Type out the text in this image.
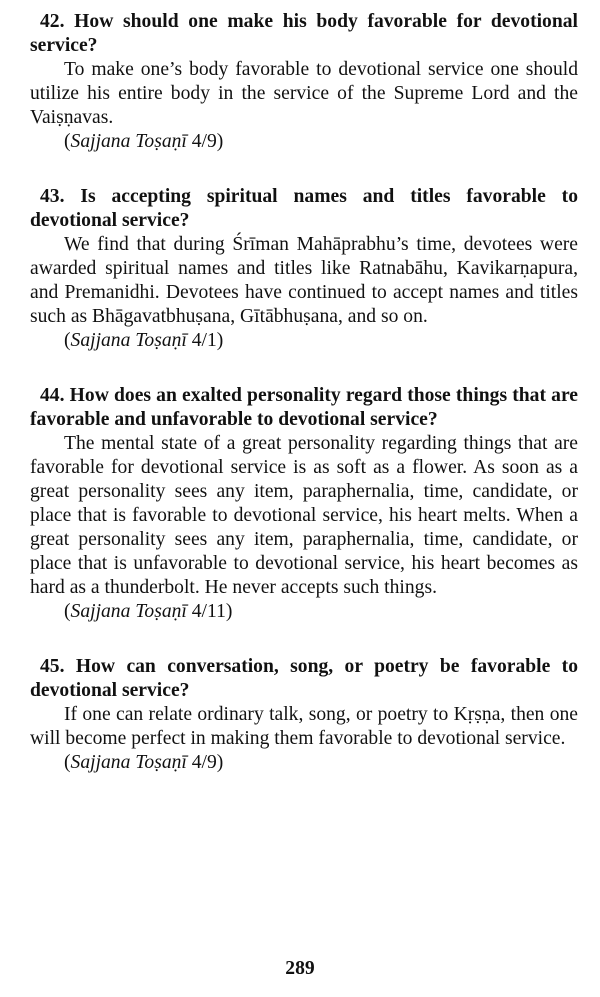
42. How should one make his body favorable for devotional service?

To make one’s body favorable to devotional service one should utilize his entire body in the service of the Supreme Lord and the Vaiṣṇavas.

(Sajjana Toṣaṇī 4/9)

43. Is accepting spiritual names and titles favorable to devotional service?

We find that during Śrīman Mahāprabhu’s time, devotees were awarded spiritual names and titles like Ratnabāhu, Kavikarṇapura, and Premanidhi. Devotees have continued to accept names and titles such as Bhāgavatbhuṣana, Gītābhuṣana, and so on.

(Sajjana Toṣaṇī 4/1)

44. How does an exalted personality regard those things that are favorable and unfavorable to devotional service?

The mental state of a great personality regarding things that are favorable for devotional service is as soft as a flower. As soon as a great personality sees any item, paraphernalia, time, candidate, or place that is favorable to devotional service, his heart melts. When a great personality sees any item, paraphernalia, time, candidate, or place that is unfavorable to devotional service, his heart becomes as hard as a thunderbolt. He never accepts such things.

(Sajjana Toṣaṇī 4/11)

45. How can conversation, song, or poetry be favorable to devotional service?

If one can relate ordinary talk, song, or poetry to Kṛṣṇa, then one will become perfect in making them favorable to devotional service.

(Sajjana Toṣaṇī 4/9)

289
